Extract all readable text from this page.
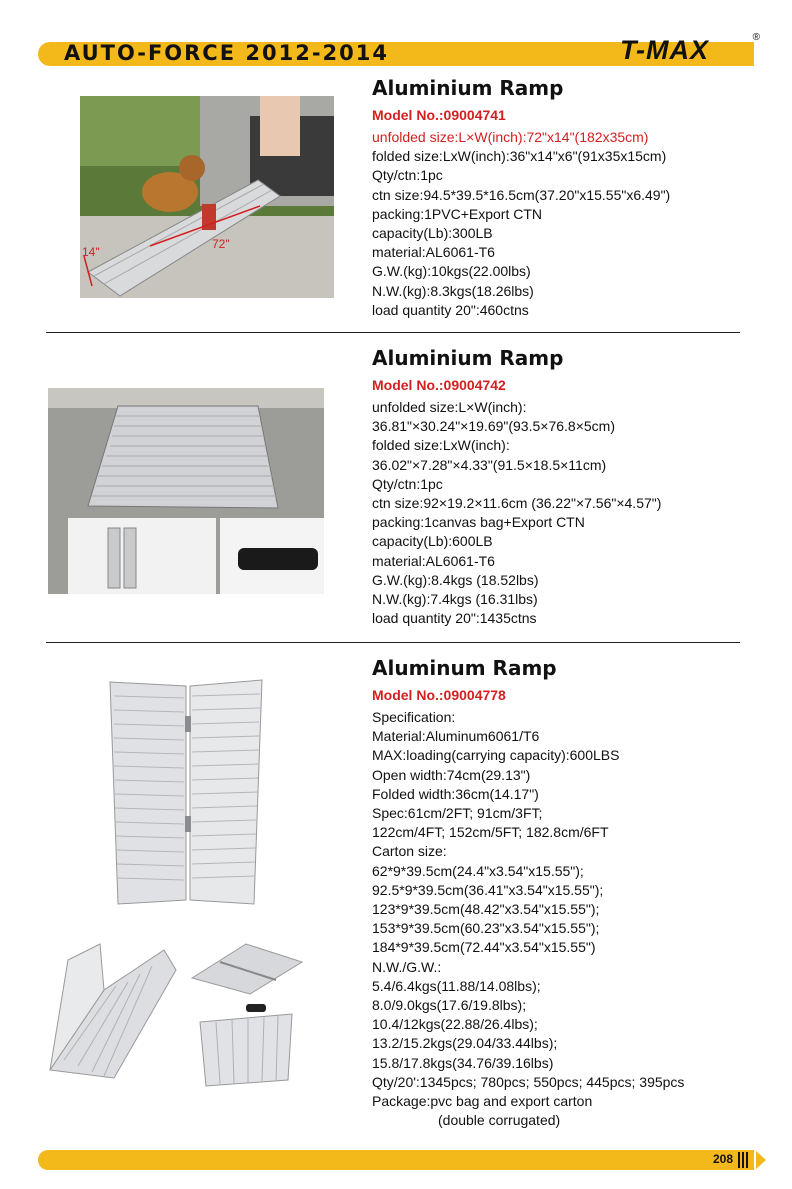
AUTO-FORCE 2012-2014	T-MAX	®
14"
72"
Aluminium Ramp
Model No.:09004741
unfolded size:L×W(inch):72"x14"(182x35cm)
folded size:LxW(inch):36"x14"x6"(91x35x15cm)
Qty/ctn:1pc
ctn size:94.5*39.5*16.5cm(37.20"x15.55"x6.49")
packing:1PVC+Export CTN
capacity(Lb):300LB
material:AL6061-T6
G.W.(kg):10kgs(22.00lbs)
N.W.(kg):8.3kgs(18.26lbs)
load quantity 20":460ctns
Aluminium Ramp
Model No.:09004742
unfolded size:L×W(inch):
36.81"×30.24"×19.69"(93.5×76.8×5cm)
folded size:LxW(inch):
36.02"×7.28"×4.33"(91.5×18.5×11cm)
Qty/ctn:1pc
ctn size:92×19.2×11.6cm (36.22"×7.56"×4.57")
packing:1canvas bag+Export CTN
capacity(Lb):600LB
material:AL6061-T6
G.W.(kg):8.4kgs (18.52lbs)
N.W.(kg):7.4kgs (16.31lbs)
load quantity 20":1435ctns
Aluminum Ramp
Model No.:09004778
Specification:
Material:Aluminum6061/T6
MAX:loading(carrying capacity):600LBS
Open width:74cm(29.13")
Folded width:36cm(14.17")
Spec:61cm/2FT; 91cm/3FT;
122cm/4FT; 152cm/5FT; 182.8cm/6FT
Carton size:
62*9*39.5cm(24.4"x3.54"x15.55");
92.5*9*39.5cm(36.41"x3.54"x15.55");
123*9*39.5cm(48.42"x3.54"x15.55");
153*9*39.5cm(60.23"x3.54"x15.55");
184*9*39.5cm(72.44"x3.54"x15.55")
N.W./G.W.:
5.4/6.4kgs(11.88/14.08lbs);
8.0/9.0kgs(17.6/19.8lbs);
10.4/12kgs(22.88/26.4lbs);
13.2/15.2kgs(29.04/33.44lbs);
15.8/17.8kgs(34.76/39.16lbs)
Qty/20':1345pcs; 780pcs; 550pcs; 445pcs; 395pcs
Package:pvc bag and export carton
(double corrugated)
208
